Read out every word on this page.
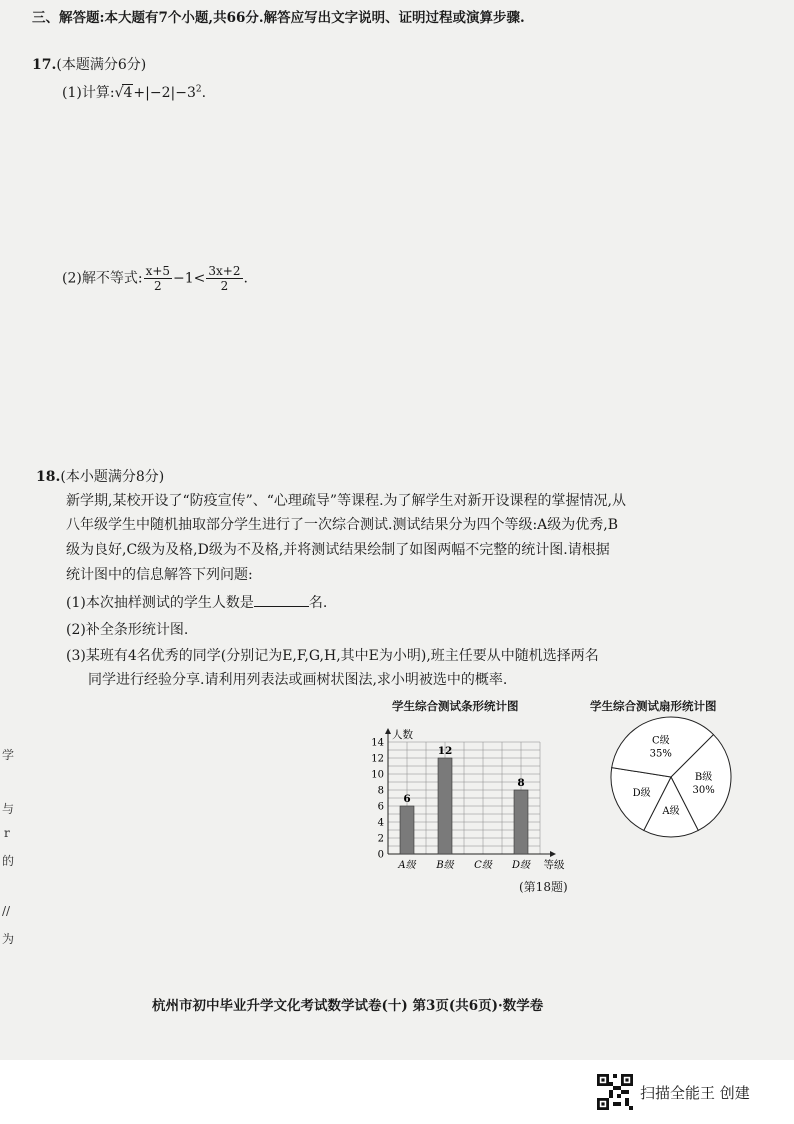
三、解答题:本大题有7个小题,共66分.解答应写出文字说明、证明过程或演算步骤.
17.(本题满分6分)
(1)计算$:√4+|-2|-3^2$.
(2)解不等式: $\frac{x+5}{2} -1< \frac{3x+2}{2}$ .
18.(本小题满分8分)
新学期,某校开设了“防疫宣传”、“心理疏导”等课程.为了解学生对新开设课程的掌握情况,从
八年级学生中随机抽取部分学生进行了一次综合测试.测试结果分为四个等级:A级为优秀,B
级为良好,C级为及格,D级为不及格,并将测试结果绘制了如图两幅不完整的统计图.请根据
统计图中的信息解答下列问题:
(1)本次抽样测试的学生人数是	名.
(2)补全条形统计图.
(3)某班有4名优秀的同学(分别记为E,F,G,H,其中E为小明),班主任要从中随机选择两名
同学进行经验分享.请利用列表法或画树状图法,求小明被选中的概率.
学生综合测试条形统计图
0
2
4
6
8
10
12
14
人数
等级
6
A级
12
B级 C级
8
D级
学生综合测试扇形统计图
B级
30%
A级
D级
C级
35%
(第18题)
学
与
r
的
//
为
杭州市初中毕业升学文化考试数学试卷(十) 第3页(共6页)·数学卷
扫描全能王 创建
